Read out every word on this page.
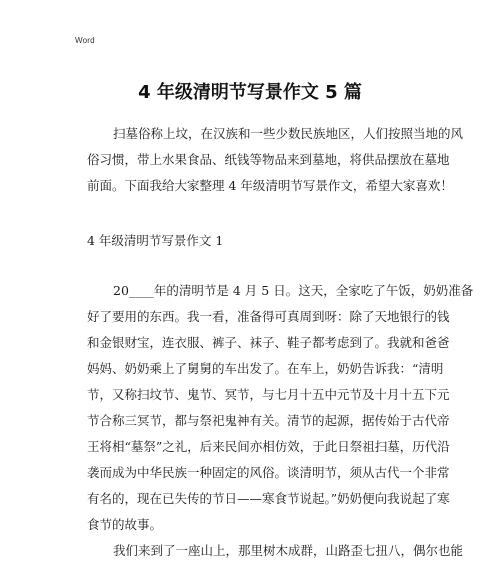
Word
4 年级清明节写景作文 5 篇

扫墓俗称上坟，在汉族和一些少数民族地区，人们按照当地的风
俗习惯，带上水果食品、纸钱等物品来到墓地，将供品摆放在墓地
前面。下面我给大家整理 4 年级清明节写景作文，希望大家喜欢！

4 年级清明节写景作文 1

20____年的清明节是 4 月 5 日。这天，全家吃了午饭，奶奶准备
好了要用的东西。我一看，准备得可真周到呀：除了天地银行的钱
和金银财宝，连衣服、裤子、袜子、鞋子都考虑到了。我就和爸爸
妈妈、奶奶乘上了舅舅的车出发了。在车上，奶奶告诉我：“清明
节，又称扫坟节、鬼节、冥节，与七月十五中元节及十月十五下元
节合称三冥节，都与祭祀鬼神有关。清节的起源，据传始于古代帝
王将相“墓祭”之礼，后来民间亦相仿效，于此日祭祖扫墓，历代沿
袭而成为中华民族一种固定的风俗。谈清明节，须从古代一个非常
有名的，现在已失传的节日——寒食节说起。”奶奶便向我说起了寒
食节的故事。

我们来到了一座山上，那里树木成群，山路歪七扭八，偶尔也能
